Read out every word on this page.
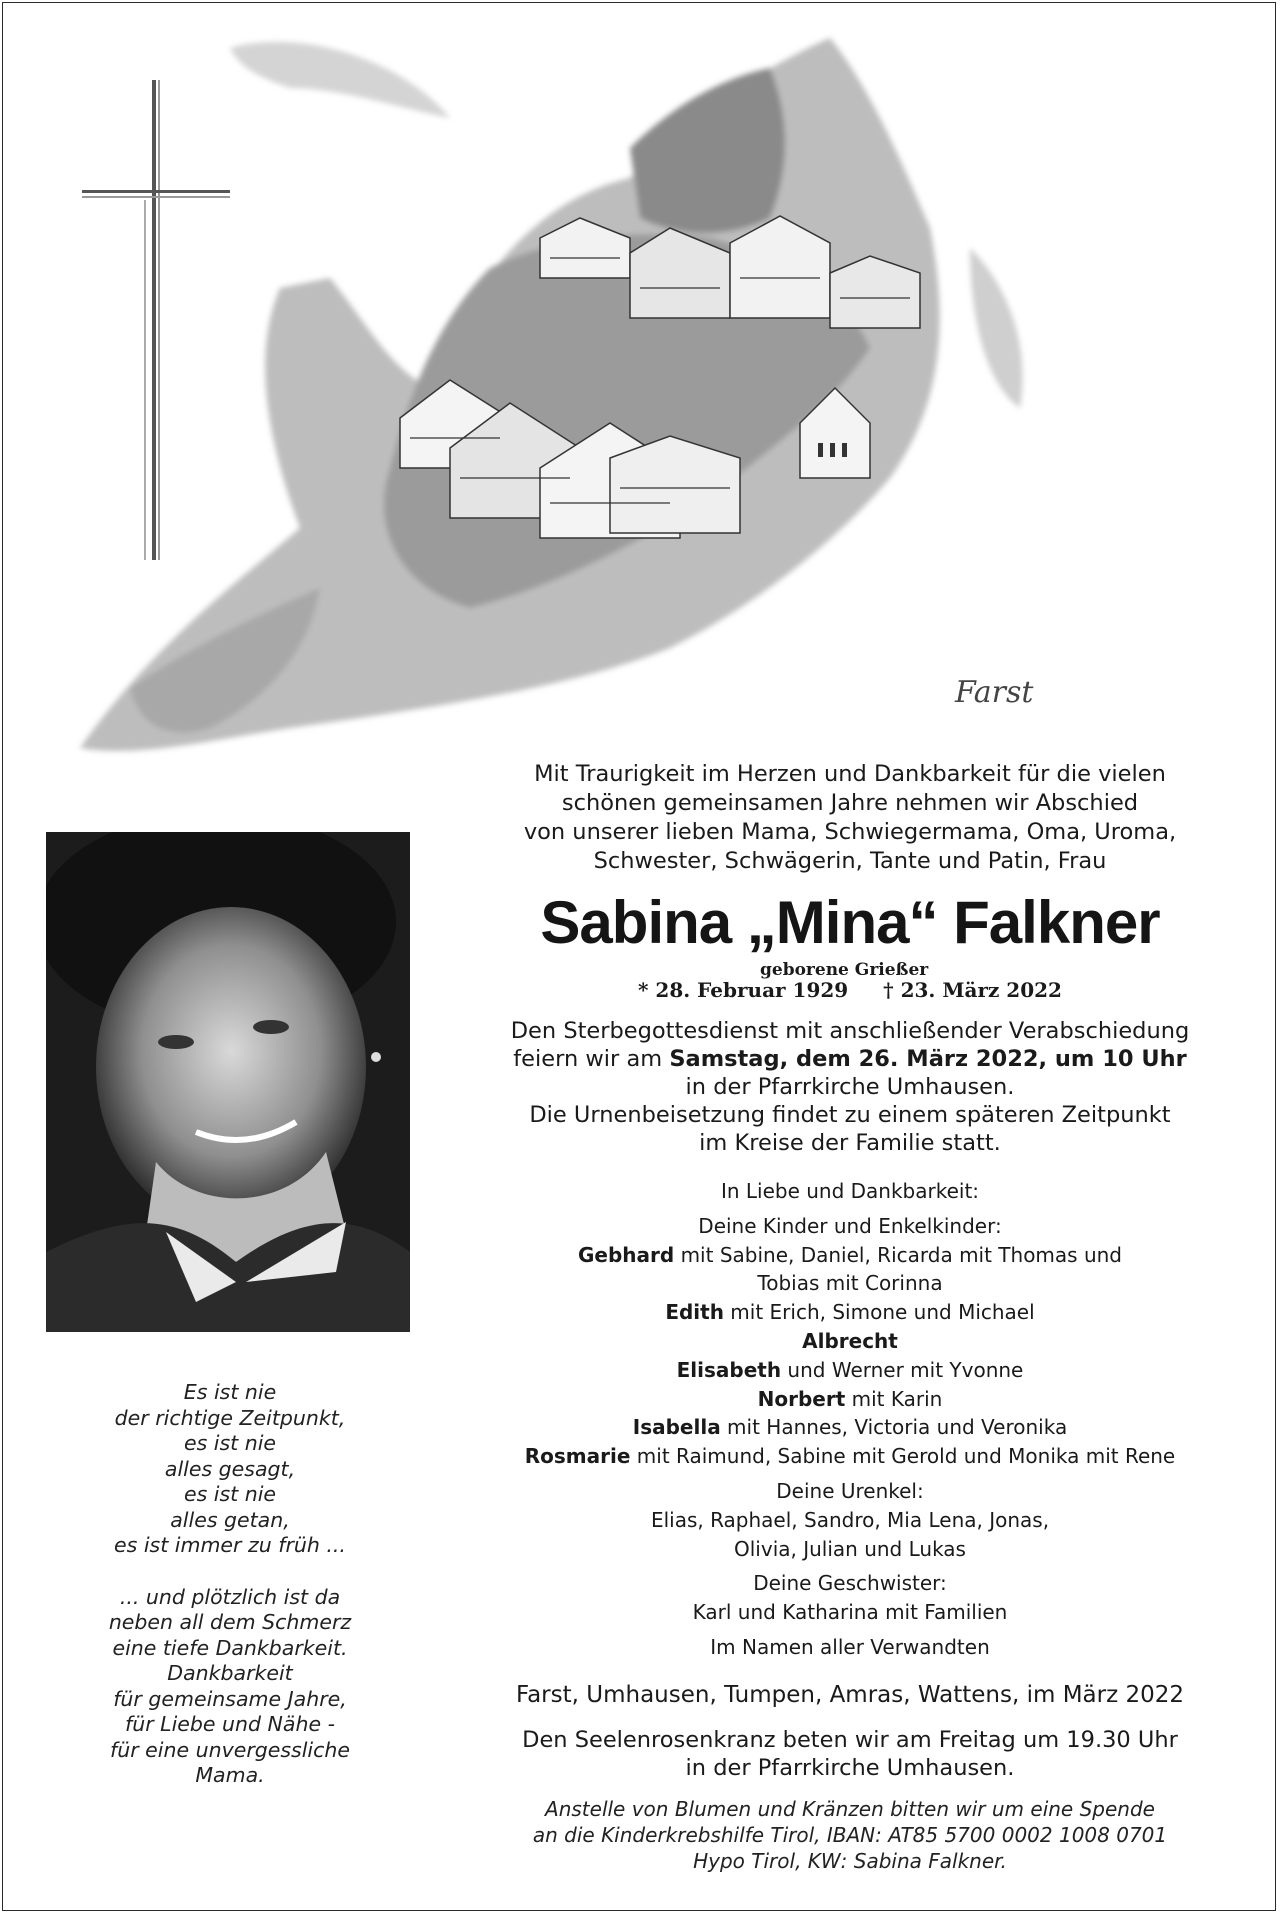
Farst
Es ist nie
der richtige Zeitpunkt,
es ist nie
alles gesagt,
es ist nie
alles getan,
es ist immer zu früh ...
... und plötzlich ist da
neben all dem Schmerz
eine tiefe Dankbarkeit.
Dankbarkeit
für gemeinsame Jahre,
für Liebe und Nähe -
für eine unvergessliche
Mama.
Mit Traurigkeit im Herzen und Dankbarkeit für die vielen
schönen gemeinsamen Jahre nehmen wir Abschied
von unserer lieben Mama, Schwiegermama, Oma, Uroma,
Schwester, Schwägerin, Tante und Patin, Frau
Sabina „Mina“ Falkner
geborene Grießer
* 28. Februar 1929 † 23. März 2022
Den Sterbegottesdienst mit anschließender Verabschiedung
feiern wir am Samstag, dem 26. März 2022, um 10 Uhr
in der Pfarrkirche Umhausen.
Die Urnenbeisetzung findet zu einem späteren Zeitpunkt
im Kreise der Familie statt.
In Liebe und Dankbarkeit:
Deine Kinder und Enkelkinder:
Gebhard mit Sabine, Daniel, Ricarda mit Thomas und
Tobias mit Corinna
Edith mit Erich, Simone und Michael
Albrecht
Elisabeth und Werner mit Yvonne
Norbert mit Karin
Isabella mit Hannes, Victoria und Veronika
Rosmarie mit Raimund, Sabine mit Gerold und Monika mit Rene
Deine Urenkel:
Elias, Raphael, Sandro, Mia Lena, Jonas,
Olivia, Julian und Lukas
Deine Geschwister:
Karl und Katharina mit Familien
Im Namen aller Verwandten
Farst, Umhausen, Tumpen, Amras, Wattens, im März 2022
Den Seelenrosenkranz beten wir am Freitag um 19.30 Uhr
in der Pfarrkirche Umhausen.
Anstelle von Blumen und Kränzen bitten wir um eine Spende
an die Kinderkrebshilfe Tirol, IBAN: AT85 5700 0002 1008 0701
Hypo Tirol, KW: Sabina Falkner.
